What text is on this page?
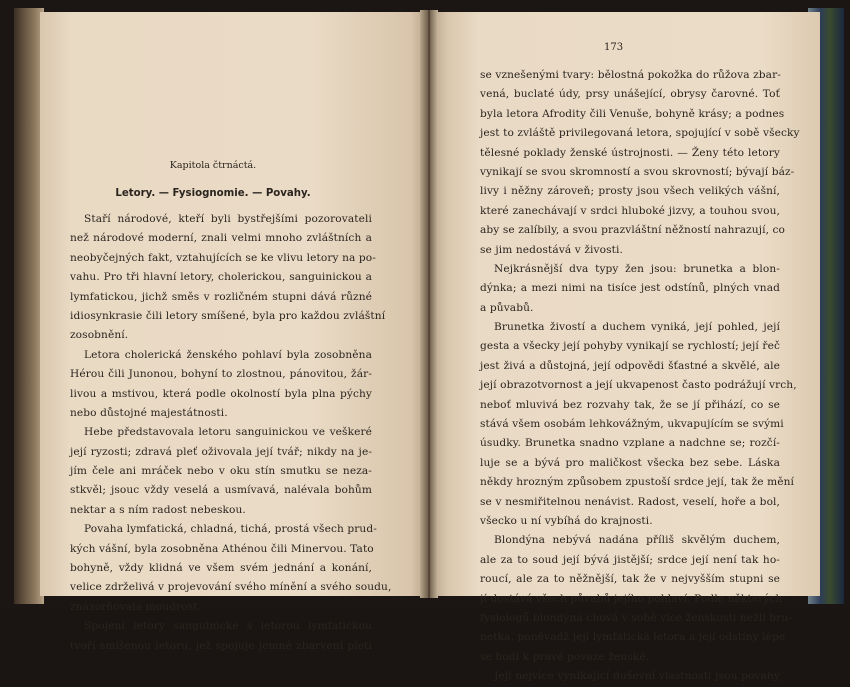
Kapitola čtrnáctá.
Letory. — Fysiognomie. — Povahy.
Staří národové, kteří byli bystřejšími pozorovateli
než národové moderní, znali velmi mnoho zvláštních a
neobyčejných fakt, vztahujících se ke vlivu letory na po-
vahu. Pro tři hlavní letory, cholerickou, sanguinickou a
lymfatickou, jichž směs v rozličném stupni dává různé
idiosynkrasie čili letory smíšené, byla pro každou zvláštní
zosobnění.
Letora cholerická ženského pohlaví byla zosobněna
Hérou čili Junonou, bohyní to zlostnou, pánovitou, žár-
livou a mstivou, která podle okolností byla plna pýchy
nebo důstojné majestátnosti.
Hebe představovala letoru sanguinickou ve veškeré
její ryzosti; zdravá pleť oživovala její tvář; nikdy na je-
jím čele ani mráček nebo v oku stín smutku se neza-
stkvěl; jsouc vždy veselá a usmívavá, nalévala bohům
nektar a s ním radost nebeskou.
Povaha lymfatická, chladná, tichá, prostá všech prud-
kých vášní, byla zosobněna Athénou čili Minervou. Tato
bohyně, vždy klidná ve všem svém jednání a konání,
velice zdrželivá v projevování svého mínění a svého soudu,
znázorňovala moudrost.
Spojení letory sanguinické s letorou lymfatickou
tvoří smíšenou letoru, jež spojuje jemné zbarvení pleti
173
se vznešenými tvary: bělostná pokožka do růžova zbar-
vená, buclaté údy, prsy unášející, obrysy čarovné. Toť
byla letora Afrodity čili Venuše, bohyně krásy; a podnes
jest to zvláště privilegovaná letora, spojující v sobě všecky
tělesné poklady ženské ústrojnosti. — Ženy této letory
vynikají se svou skromností a svou skrovností; bývají báz-
livy i něžny zároveň; prosty jsou všech velikých vášní,
které zanechávají v srdci hluboké jizvy, a touhou svou,
aby se zalíbily, a svou prazvláštní něžností nahrazují, co
se jim nedostává v živosti.
Nejkrásnější dva typy žen jsou: brunetka a blon-
dýnka; a mezi nimi na tisíce jest odstínů, plných vnad
a půvabů.
Brunetka živostí a duchem vyniká, její pohled, její
gesta a všecky její pohyby vynikají se rychlostí; její řeč
jest živá a důstojná, její odpovědi šťastné a skvělé, ale
její obrazotvornost a její ukvapenost často podrážují vrch,
neboť mluvivá bez rozvahy tak, že se jí přihází, co se
stává všem osobám lehkovážným, ukvapujícím se svými
úsudky. Brunetka snadno vzplane a nadchne se; rozčí-
luje se a bývá pro maličkost všecka bez sebe. Láska
někdy hrozným způsobem zpustoší srdce její, tak že mění
se v nesmiřitelnou nenávist. Radost, veselí, hoře a bol,
všecko u ní vybíhá do krajnosti.
Blondýna nebývá nadána příliš skvělým duchem,
ale za to soud její bývá jistější; srdce její není tak ho-
roucí, ale za to něžnější, tak že v nejvyšším stupni se
jí dostává všech půvabů jejího pohlaví. Podle některých
fysiologů blondýna chová v sobě více ženskosti nežli bru-
netka, poněvadž její lymfatická letora a její odstíny lépe
se hodí k pravé povaze ženské.
Její nejvíce vynikající duševní vlastnosti jsou povahy
